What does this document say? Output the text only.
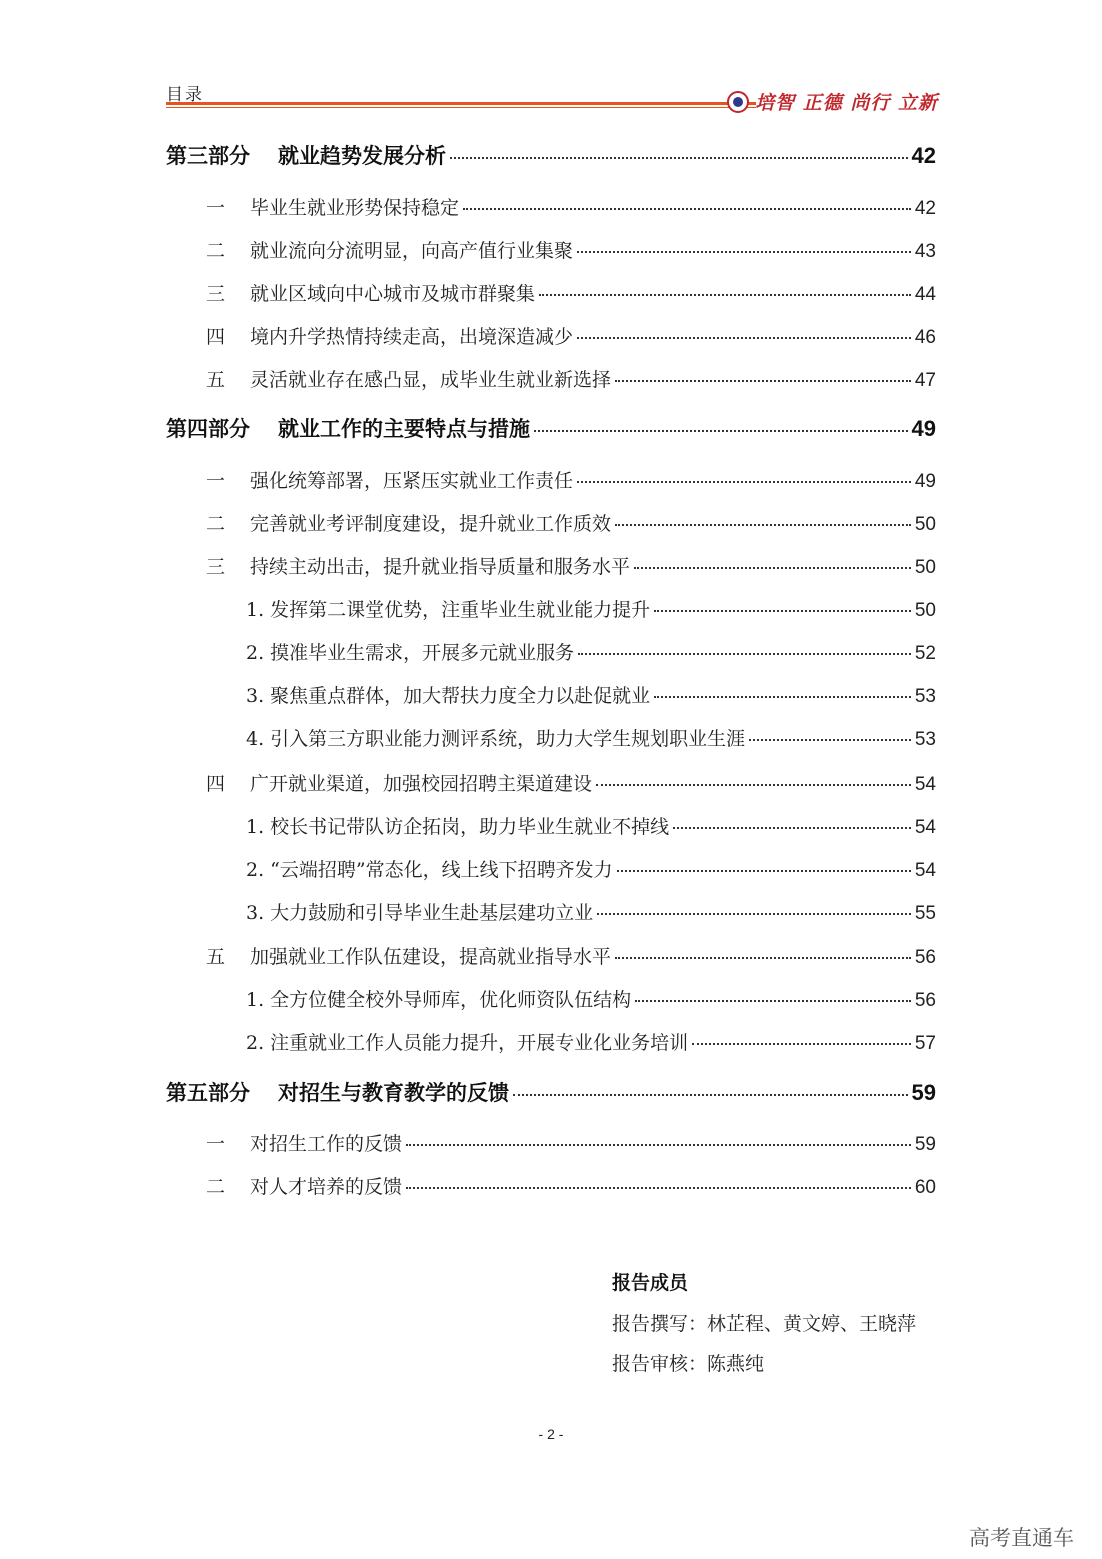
目录	培智 正德 尚行 立新
第三部分	就业趋势发展分析	42
一	毕业生就业形势保持稳定	42
二	就业流向分流明显，向高产值行业集聚	43
三	就业区域向中心城市及城市群聚集	44
四	境内升学热情持续走高，出境深造减少	46
五	灵活就业存在感凸显，成毕业生就业新选择	47
第四部分	就业工作的主要特点与措施	49
一	强化统筹部署，压紧压实就业工作责任	49
二	完善就业考评制度建设，提升就业工作质效	50
三	持续主动出击，提升就业指导质量和服务水平	50
1. 发挥第二课堂优势，注重毕业生就业能力提升	50
2. 摸准毕业生需求，开展多元就业服务	52
3. 聚焦重点群体，加大帮扶力度全力以赴促就业	53
4. 引入第三方职业能力测评系统，助力大学生规划职业生涯	53
四	广开就业渠道，加强校园招聘主渠道建设	54
1. 校长书记带队访企拓岗，助力毕业生就业不掉线	54
2. “云端招聘”常态化，线上线下招聘齐发力	54
3. 大力鼓励和引导毕业生赴基层建功立业	55
五	加强就业工作队伍建设，提高就业指导水平	56
1. 全方位健全校外导师库，优化师资队伍结构	56
2. 注重就业工作人员能力提升，开展专业化业务培训	57
第五部分	对招生与教育教学的反馈	59
一	对招生工作的反馈	59
二	对人才培养的反馈	60
报告成员
报告撰写：林芷程、黄文婷、王晓萍
报告审核：陈燕纯
- 2 -
高考直通车
